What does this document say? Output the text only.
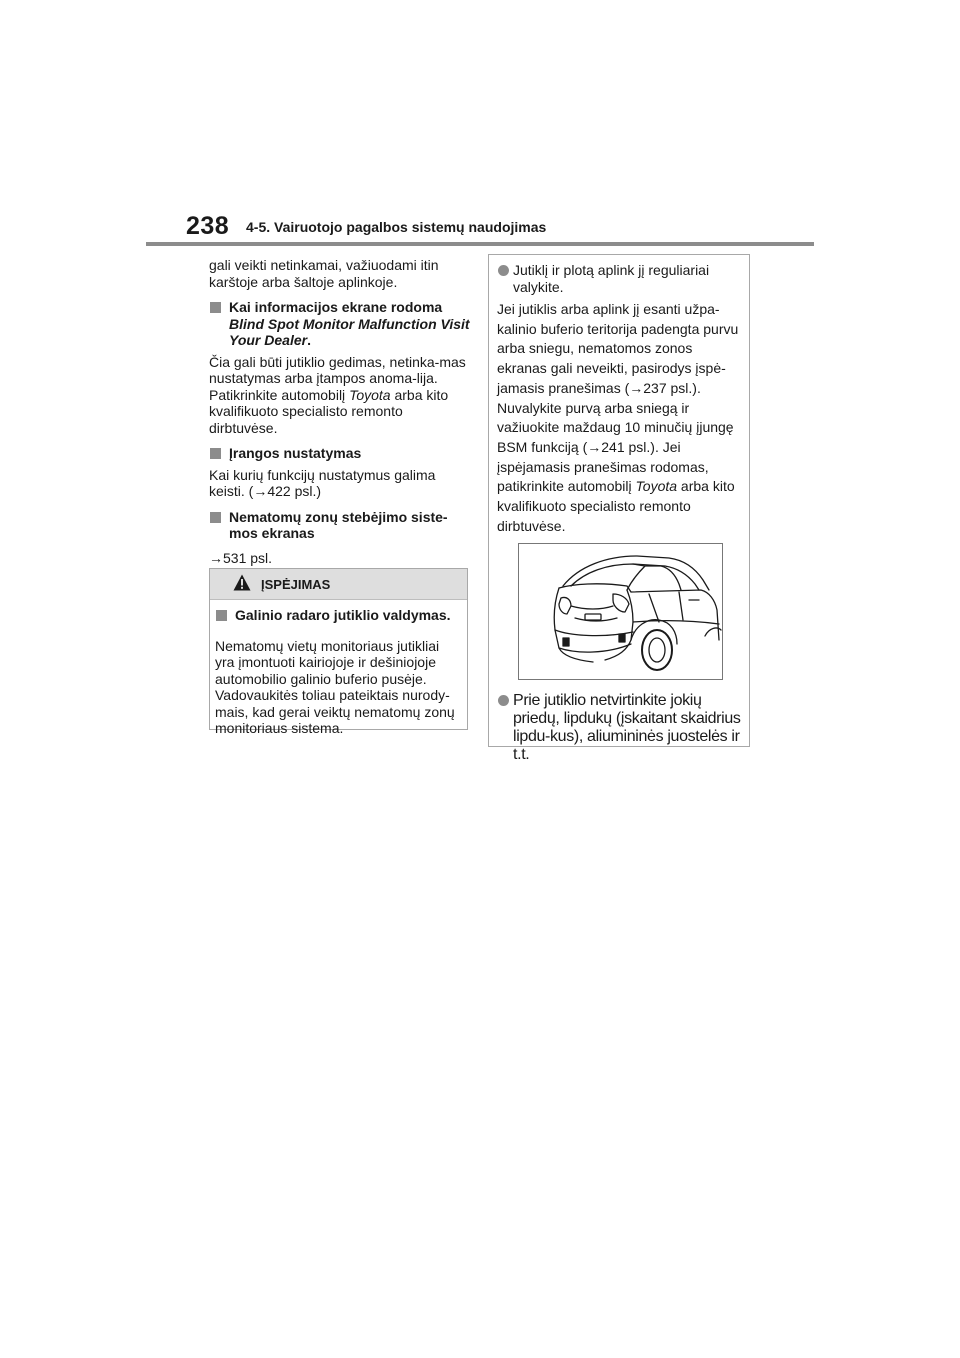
238 4-5. Vairuotojo pagalbos sistemų naudojimas

gali veikti netinkamai, važiuodami itin karštoje arba šaltoje aplinkoje.

Kai informacijos ekrane rodoma Blind Spot Monitor Malfunction Visit Your Dealer.

Čia gali būti jutiklio gedimas, netinka-mas nustatymas arba įtampos anoma-lija. Patikrinkite automobilį Toyota arba kito kvalifikuoto specialisto remonto dirbtuvėse.

Įrangos nustatymas

Kai kurių funkcijų nustatymus galima keisti. (→422 psl.)

Nematomų zonų stebėjimo siste-mos ekranas

→531 psl.

ĮSPĖJIMAS

Galinio radaro jutiklio valdymas.

Nematomų vietų monitoriaus jutikliai yra įmontuoti kairiojoje ir dešiniojoje automobilio galinio buferio pusėje. Vadovaukitės toliau pateiktais nurody-mais, kad gerai veiktų nematomų zonų monitoriaus sistema.

Jutiklį ir plotą aplink jį reguliariai valykite.

Jei jutiklis arba aplink jį esanti užpa-kalinio buferio teritorija padengta purvu arba sniegu, nematomos zonos ekranas gali neveikti, pasirodys įspė-jamasis pranešimas (→237 psl.). Nuvalykite purvą arba sniegą ir važiuokite maždaug 10 minučių įjungę BSM funkciją (→241 psl.). Jei įspėjamasis pranešimas rodomas, patikrinkite automobilį Toyota arba kito kvalifikuoto specialisto remonto dirbtuvėse.

Prie jutiklio netvirtinkite jokių priedų, lipdukų (įskaitant skaidrius lipdu-kus), aliumininės juostelės ir t.t.
